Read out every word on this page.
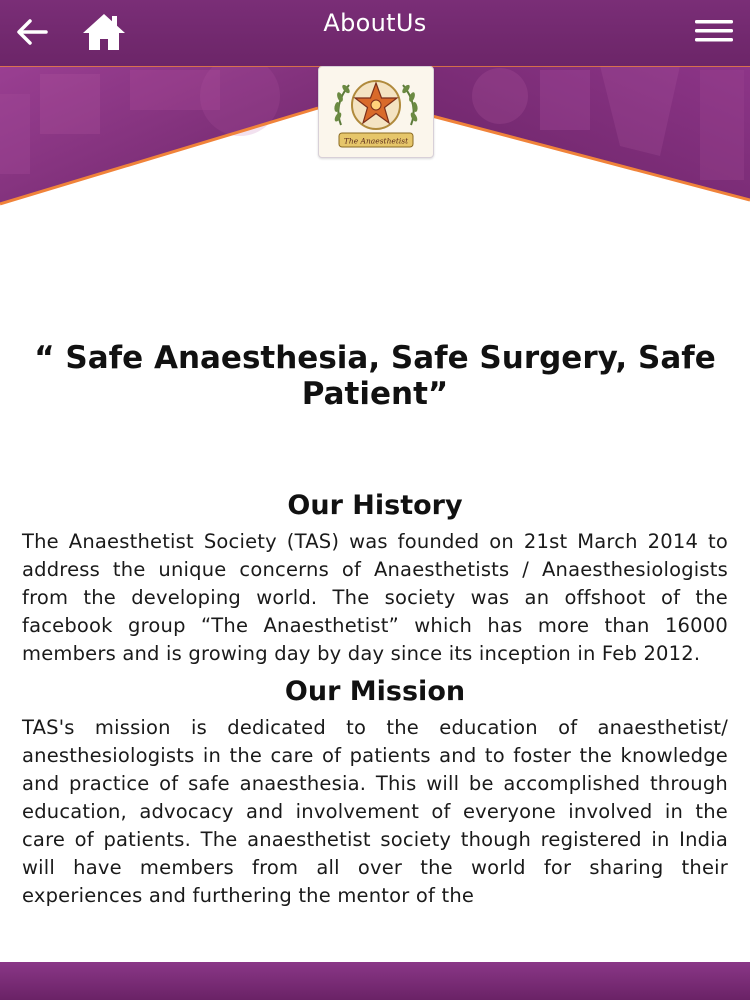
AboutUs
The Anaesthetist
“ Safe Anaesthesia, Safe Surgery, Safe Patient”
Our History

The Anaesthetist Society (TAS) was founded on 21st March 2014 to address the unique concerns of Anaesthetists / Anaesthesiologists from the developing world. The society was an offshoot of the facebook group “The Anaesthetist” which has more than 16000 members and is growing day by day since its inception in Feb 2012.

Our Mission

TAS's mission is dedicated to the education of anaesthetist/ anesthesiologists in the care of patients and to foster the knowledge and practice of safe anaesthesia. This will be accomplished through education, advocacy and involvement of everyone involved in the care of patients. The anaesthetist society though registered in India will have members from all over the world for sharing their experiences and furthering the mentor of the
